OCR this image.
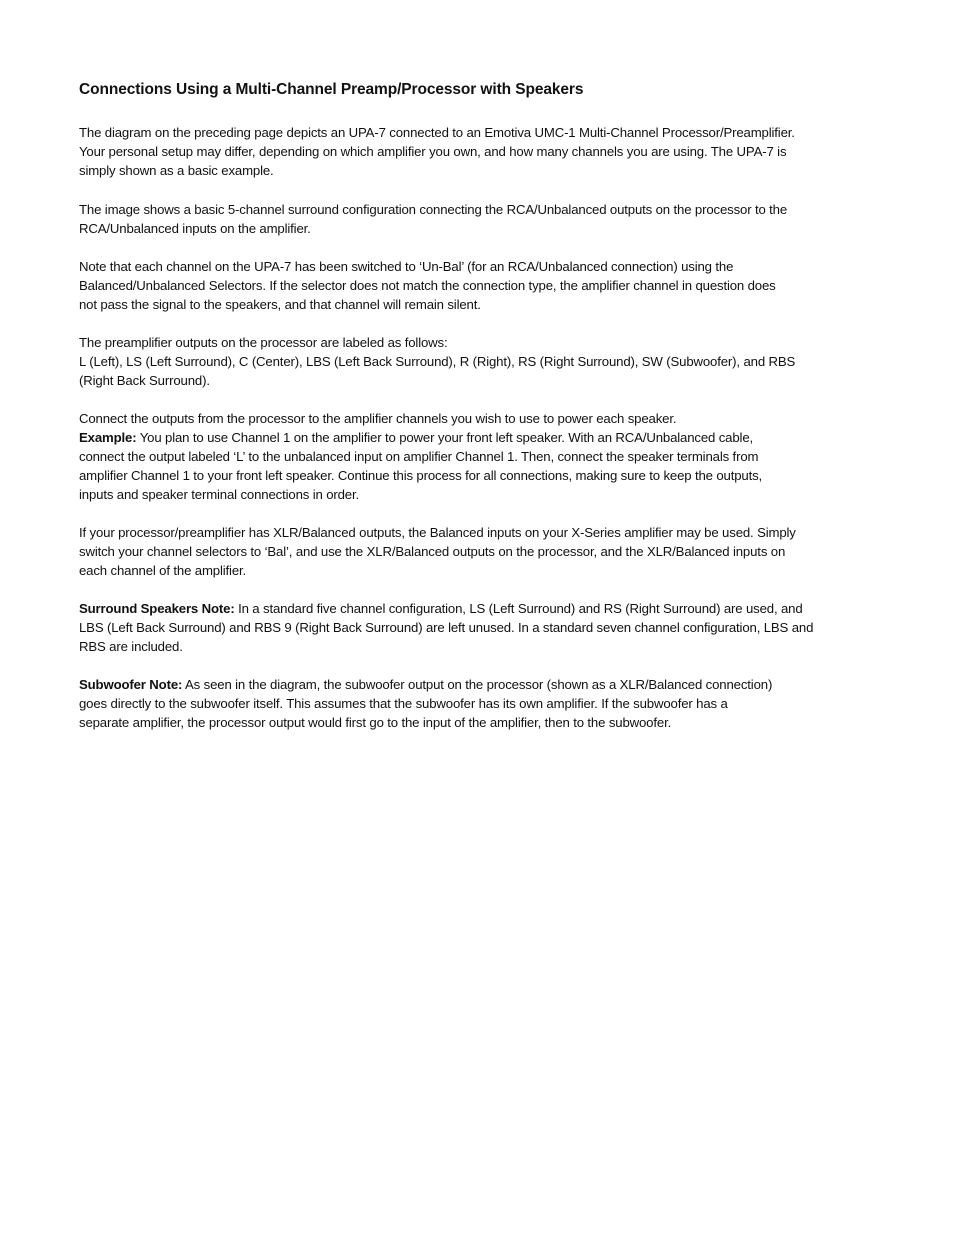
Connections Using a Multi-Channel Preamp/Processor with Speakers
The diagram on the preceding page depicts an UPA-7 connected to an Emotiva UMC-1 Multi-Channel Processor/Preamplifier.
Your personal setup may differ, depending on which amplifier you own, and how many channels you are using. The UPA-7 is
simply shown as a basic example.
The image shows a basic 5-channel surround configuration connecting the RCA/Unbalanced outputs on the processor to the
RCA/Unbalanced inputs on the amplifier.
Note that each channel on the UPA-7 has been switched to ‘Un-Bal’ (for an RCA/Unbalanced connection) using the
Balanced/Unbalanced Selectors. If the selector does not match the connection type, the amplifier channel in question does
not pass the signal to the speakers, and that channel will remain silent.
The preamplifier outputs on the processor are labeled as follows:
L (Left), LS (Left Surround), C (Center), LBS (Left Back Surround), R (Right), RS (Right Surround), SW (Subwoofer), and RBS
(Right Back Surround).
Connect the outputs from the processor to the amplifier channels you wish to use to power each speaker.
Example: You plan to use Channel 1 on the amplifier to power your front left speaker. With an RCA/Unbalanced cable,
connect the output labeled ‘L’ to the unbalanced input on amplifier Channel 1. Then, connect the speaker terminals from
amplifier Channel 1 to your front left speaker. Continue this process for all connections, making sure to keep the outputs,
inputs and speaker terminal connections in order.
If your processor/preamplifier has XLR/Balanced outputs, the Balanced inputs on your X-Series amplifier may be used. Simply
switch your channel selectors to ‘Bal’, and use the XLR/Balanced outputs on the processor, and the XLR/Balanced inputs on
each channel of the amplifier.
Surround Speakers Note: In a standard five channel configuration, LS (Left Surround) and RS (Right Surround) are used, and
LBS (Left Back Surround) and RBS 9 (Right Back Surround) are left unused. In a standard seven channel configuration, LBS and
RBS are included.
Subwoofer Note: As seen in the diagram, the subwoofer output on the processor (shown as a XLR/Balanced connection)
goes directly to the subwoofer itself. This assumes that the subwoofer has its own amplifier. If the subwoofer has a
separate amplifier, the processor output would first go to the input of the amplifier, then to the subwoofer.
